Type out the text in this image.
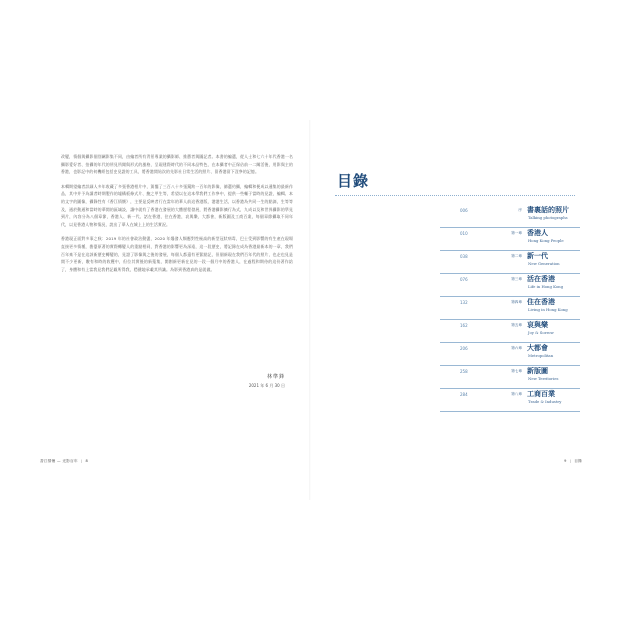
改變，情個與攝影個別屬影集不同，由編者所有背景專業的攝影師、推薦者與圖記者。本書的編選，從人士和七六十年代香港一名攝影愛好者、拍攝的年代的所見所聞與形式的風格，呈現建際時代的不同本品特色，在本攝者中正保佔前一二關活後，用影與主的香港，也影記中的何機經包括史見證的工具，將香港開始次的先影社日常生活的照片、留香港留下沒參的記憶。

本輯期望編者詳細人多年收藏了多張香港相片中，駕鑒了三百八十多張鏡跨一百年的影像，篩選約攝，編輯和便成以通集的最新作品，其中并予為讀者時期製作的墟構板條式片、鮑之甲生等，希望以在這本學我們工作參中，提供一些輔于當時的見證，編輯、本的文字的圖像，攝錄性有《香江情懷》，主要是反映者行在當年的華人前這香港版，港港生活，以香港為共同一生的點滴，生等等及，通於動通和當時的華開的區域設，讓中就有了香港在發展的大體歷程發展，將香港攝影擴行為式，九成以及和世界攝影的學見到片，內容分為八個章節，香港人、新一代、話在香港，住在香港，哀與樂，大都會，新版圖及工商百業，每個章節攝取不同年代，以見香港人物和情況，說出了華人在城上上的生活實況。

香港現正面對多事之秋：2019 年的社會政治動盪，2020 年爆發人類應對性極高的新型冠狀病毒，巴士受到影響的有生產在現場直接更多情種，擔憂原著的實際轉變人的重點相同，對香港的影響更為深遠，這一段歷史，將記錄在成為香港最新本的一章，我們百年來不是在這該新歷史轉變的，見證了影像與之後的發展，每個人都還有更緊點記，但個新現在我們百年代的照片，也走也見是開不少更新，數有和時的收穫中，但位其實後的新蒐集，開創新更新在見的一段一個月中的香港人，在過程和期待的這份著作給了，身體和有上當我見我們記載所得我，穩健地承載其所識。為影到香港真的是就做。

林準鋒
2021 年 6 月 30 日
香江情懷 — 光影百年 | 8
目錄
006	序 書裏話的照片
Talking photographs
010	第一章 香港人
Hong Kong People
038	第二章 新一代
New Generation
076	第三章 活在香港
Life in Hong Kong
132	第四章 住在香港
Living in Hong Kong
162	第五章 哀與樂
Joy & Sorrow
206	第六章 大都會
Metropolitan
258	第七章 新版圖
New Territories
284	第八章 工商百業
Trade & Industry
9 | 目錄
